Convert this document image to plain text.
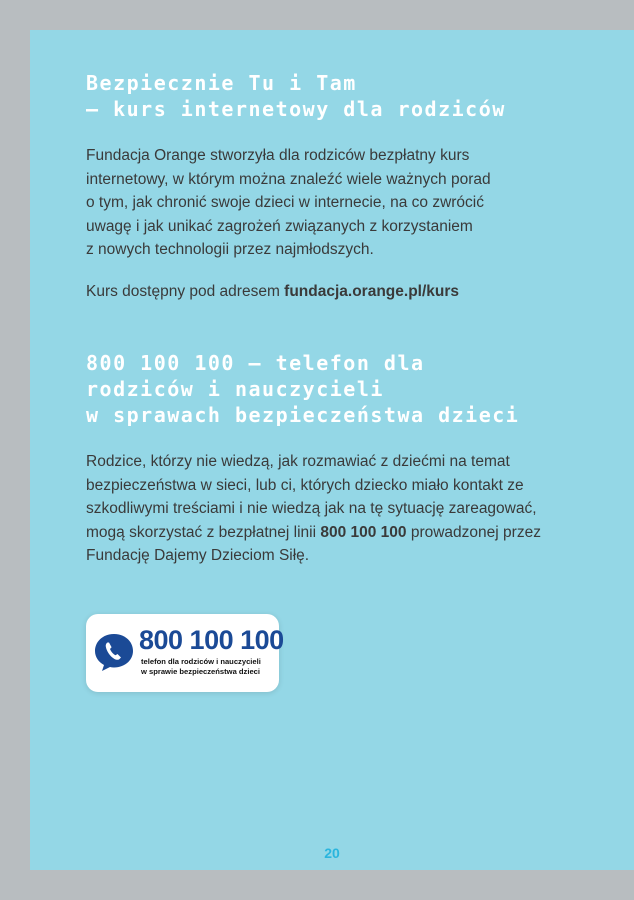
Bezpiecznie Tu i Tam
– kurs internetowy dla rodziców

Fundacja Orange stworzyła dla rodziców bezpłatny kurs
internetowy, w którym można znaleźć wiele ważnych porad
o tym, jak chronić swoje dzieci w internecie, na co zwrócić
uwagę i jak unikać zagrożeń związanych z korzystaniem
z nowych technologii przez najmłodszych.

Kurs dostępny pod adresem fundacja.orange.pl/kurs

800 100 100 – telefon dla
rodziców i nauczycieli
w sprawach bezpieczeństwa dzieci

Rodzice, którzy nie wiedzą, jak rozmawiać z dziećmi na temat
bezpieczeństwa w sieci, lub ci, których dziecko miało kontakt ze
szkodliwymi treściami i nie wiedzą jak na tę sytuację zareagować,
mogą skorzystać z bezpłatnej linii 800 100 100 prowadzonej przez
Fundację Dajemy Dzieciom Siłę.

800 100 100
telefon dla rodziców i nauczycieli
w sprawie bezpieczeństwa dzieci
20
